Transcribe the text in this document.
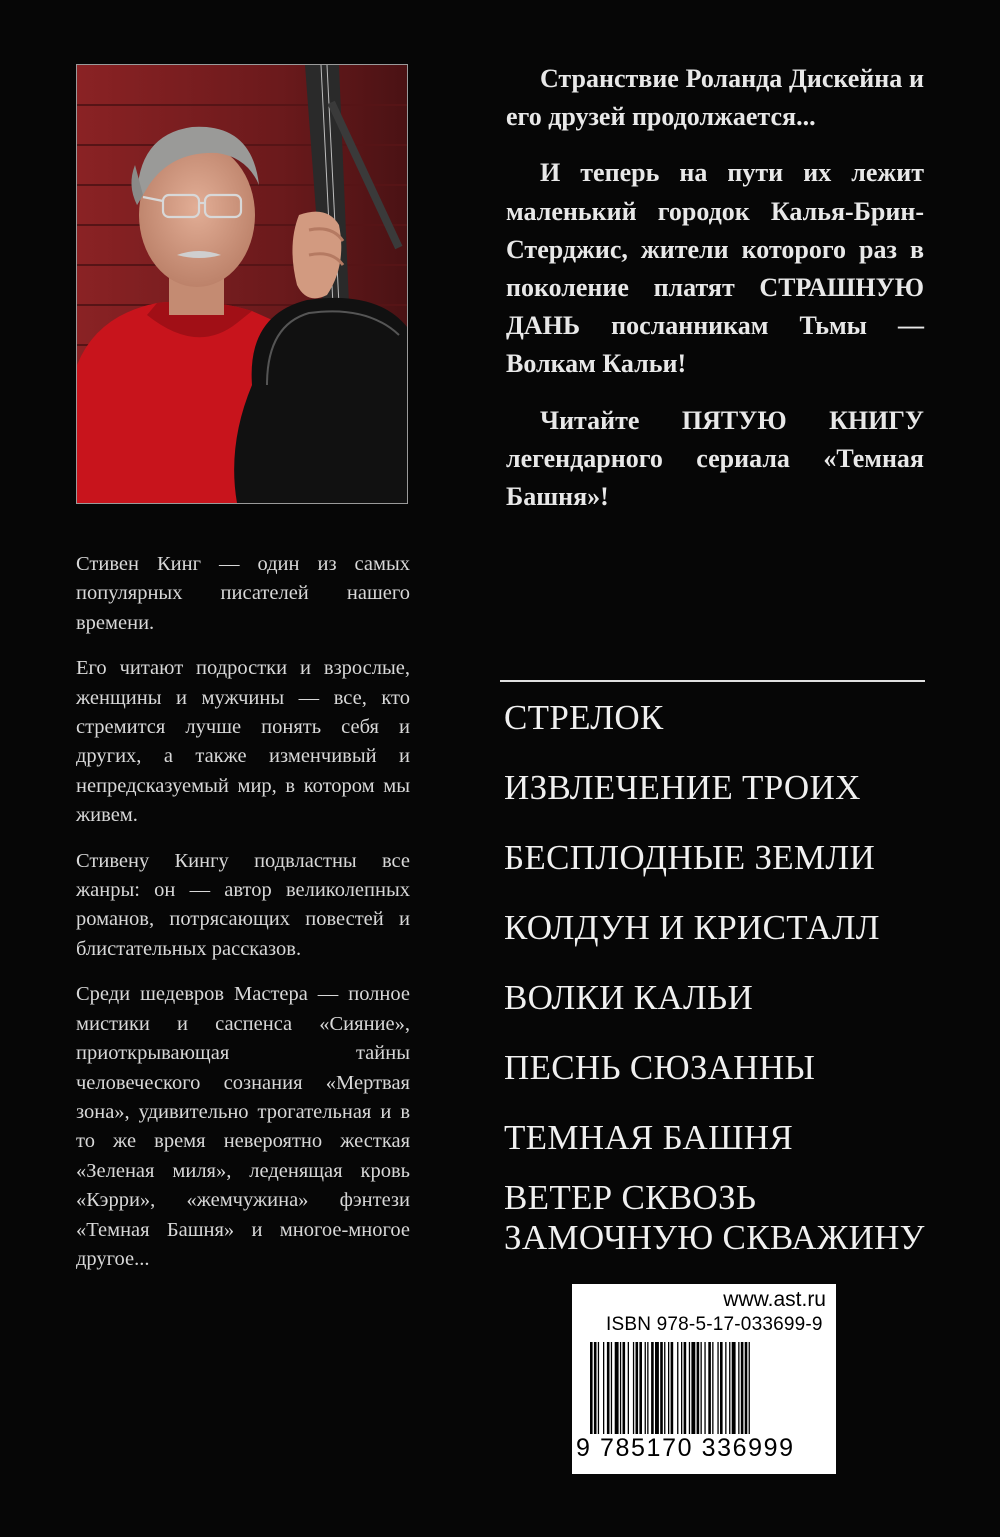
Стивен Кинг — один из самых популярных писателей нашего времени.

Его читают подростки и взрослые, женщины и мужчины — все, кто стремится лучше понять себя и других, а также изменчивый и непредсказуемый мир, в котором мы живем.

Стивену Кингу подвластны все жанры: он — автор великолепных романов, потрясающих повестей и блистательных рассказов.

Среди шедевров Мастера — полное мистики и саспенса «Сияние», приоткрывающая тайны человеческого сознания «Мертвая зона», удивительно трогательная и в то же время невероятно жесткая «Зеленая миля», леденящая кровь «Кэрри», «жемчужина» фэнтези «Темная Башня» и многое-многое другое...

Странствие Роланда Дискейна и его друзей продолжается...

И теперь на пути их лежит маленький городок Калья-Брин-Стерджис, жители которого раз в поколение платят СТРАШНУЮ ДАНЬ посланникам Тьмы — Волкам Кальи!

Читайте ПЯТУЮ КНИГУ легендарного сериала «Темная Башня»!

СТРЕЛОК
ИЗВЛЕЧЕНИЕ ТРОИХ
БЕСПЛОДНЫЕ ЗЕМЛИ
КОЛДУН И КРИСТАЛЛ
ВОЛКИ КАЛЬИ
ПЕСНЬ СЮЗАННЫ
ТЕМНАЯ БАШНЯ
ВЕТЕР СКВОЗЬ
ЗАМОЧНУЮ СКВАЖИНУ
www.ast.ru
ISBN 978-5-17-033699-9
9 785170 336999
